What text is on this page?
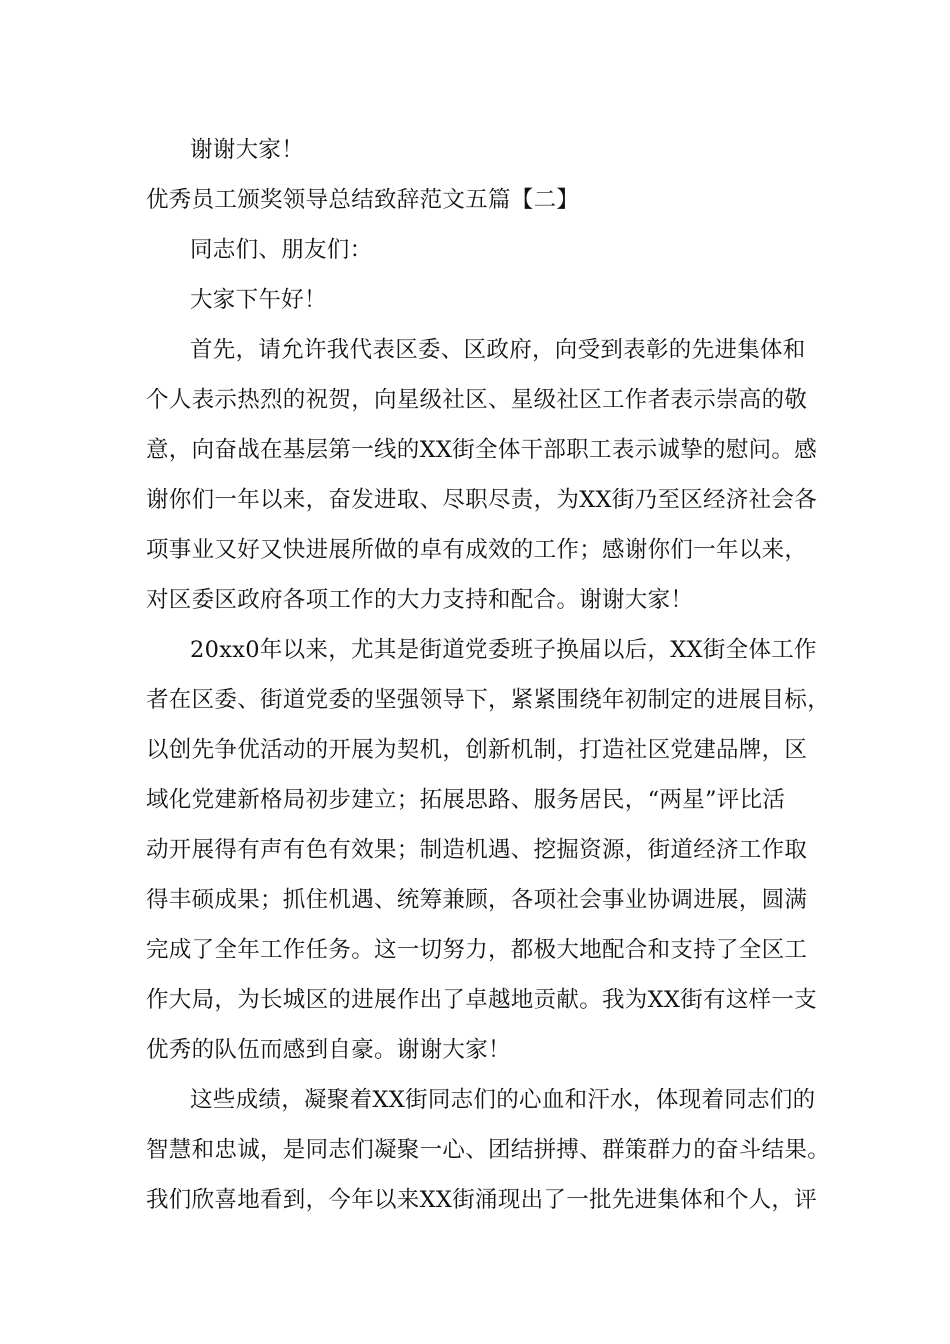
谢谢大家！
优秀员工颁奖领导总结致辞范文五篇【二】
同志们、朋友们：
大家下午好！
首先，请允许我代表区委、区政府，向受到表彰的先进集体和
个人表示热烈的祝贺，向星级社区、星级社区工作者表示崇高的敬
意，向奋战在基层第一线的XX街全体干部职工表示诚挚的慰问。感
谢你们一年以来，奋发进取、尽职尽责，为XX街乃至区经济社会各
项事业又好又快进展所做的卓有成效的工作；感谢你们一年以来，
对区委区政府各项工作的大力支持和配合。谢谢大家！
20xx0年以来，尤其是街道党委班子换届以后，XX街全体工作
者在区委、街道党委的坚强领导下，紧紧围绕年初制定的进展目标，
以创先争优活动的开展为契机，创新机制，打造社区党建品牌，区
域化党建新格局初步建立；拓展思路、服务居民，“两星”评比活
动开展得有声有色有效果；制造机遇、挖掘资源，街道经济工作取
得丰硕成果；抓住机遇、统筹兼顾，各项社会事业协调进展，圆满
完成了全年工作任务。这一切努力，都极大地配合和支持了全区工
作大局，为长城区的进展作出了卓越地贡献。我为XX街有这样一支
优秀的队伍而感到自豪。谢谢大家！
这些成绩，凝聚着XX街同志们的心血和汗水，体现着同志们的
智慧和忠诚，是同志们凝聚一心、团结拼搏、群策群力的奋斗结果。
我们欣喜地看到，今年以来XX街涌现出了一批先进集体和个人，评
